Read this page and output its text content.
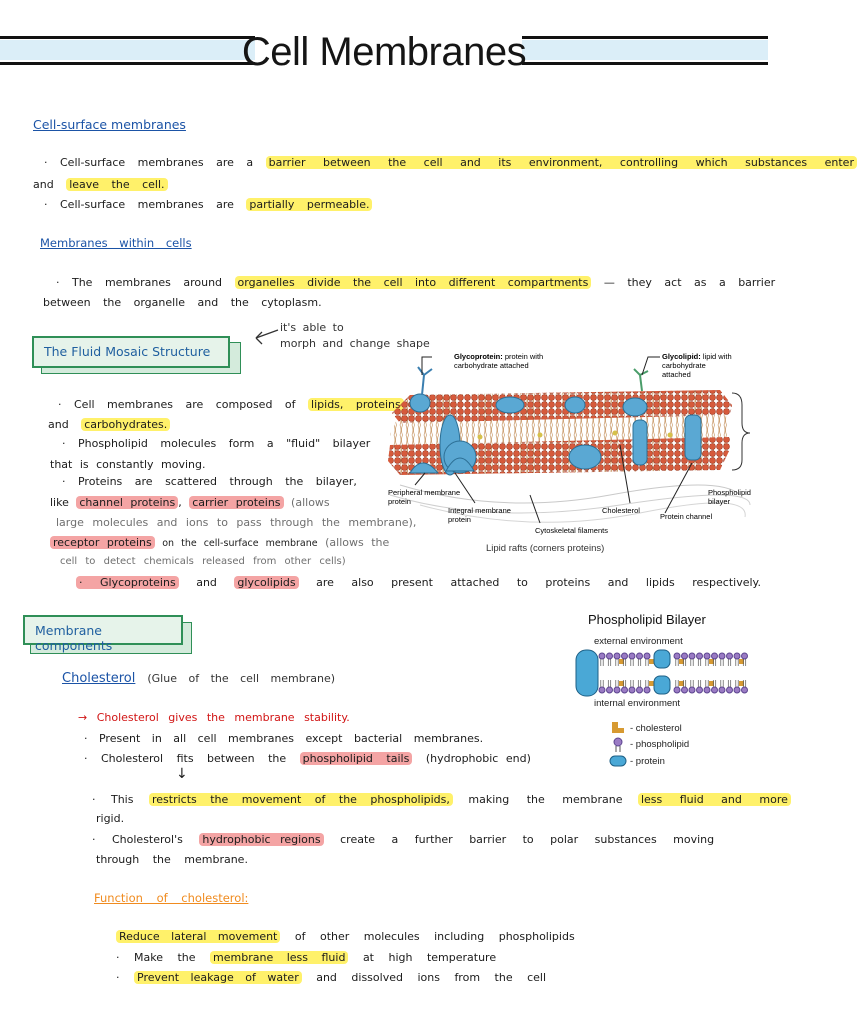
Cell Membranes
Cell-surface membranes
· Cell-surface membranes are a barrier between the cell and its environment, controlling which substances enter
and leave the cell.
· Cell-surface membranes are partially permeable.
Membranes within cells
· The membranes around organelles divide the cell into different compartments — they act as a barrier
between the organelle and the cytoplasm.
The Fluid Mosaic Structure
it's able to
morph and change shape
· Cell membranes are composed of lipids, proteins
and carbohydrates.
· Phospholipid molecules form a "fluid" bilayer
that is constantly moving.
· Proteins are scattered through the bilayer,
like channel proteins , carrier proteins (allows
large molecules and ions to pass through the membrane),
receptor proteins on the cell-surface membrane (allows the
cell to detect chemicals released from other cells)
· Glycoproteins and glycolipids are also present attached to proteins and lipids respectively.
Glycoprotein: protein with
carbohydrate attached
Glycolipid: lipid with
carbohydrate
attached
Peripheral membrane
protein
Integral membrane
protein
Cholesterol
Protein channel
Cytoskeletal filaments
Phospholipid
bilayer
Lipid rafts (corners proteins)
Membrane components
Cholesterol (Glue of the cell membrane)
→ Cholesterol gives the membrane stability.
· Present in all cell membranes except bacterial membranes.
· Cholesterol fits between the phospholipid tails (hydrophobic end)
↓
· This restricts the movement of the phospholipids, making the membrane less fluid and more
rigid.
· Cholesterol's hydrophobic regions create a further barrier to polar substances moving
through the membrane.
Function of cholesterol:
Reduce lateral movement of other molecules including phospholipids
· Make the membrane less fluid at high temperature
· Prevent leakage of water and dissolved ions from the cell
Phospholipid Bilayer
external environment
internal environment
- cholesterol
- phospholipid
- protein
